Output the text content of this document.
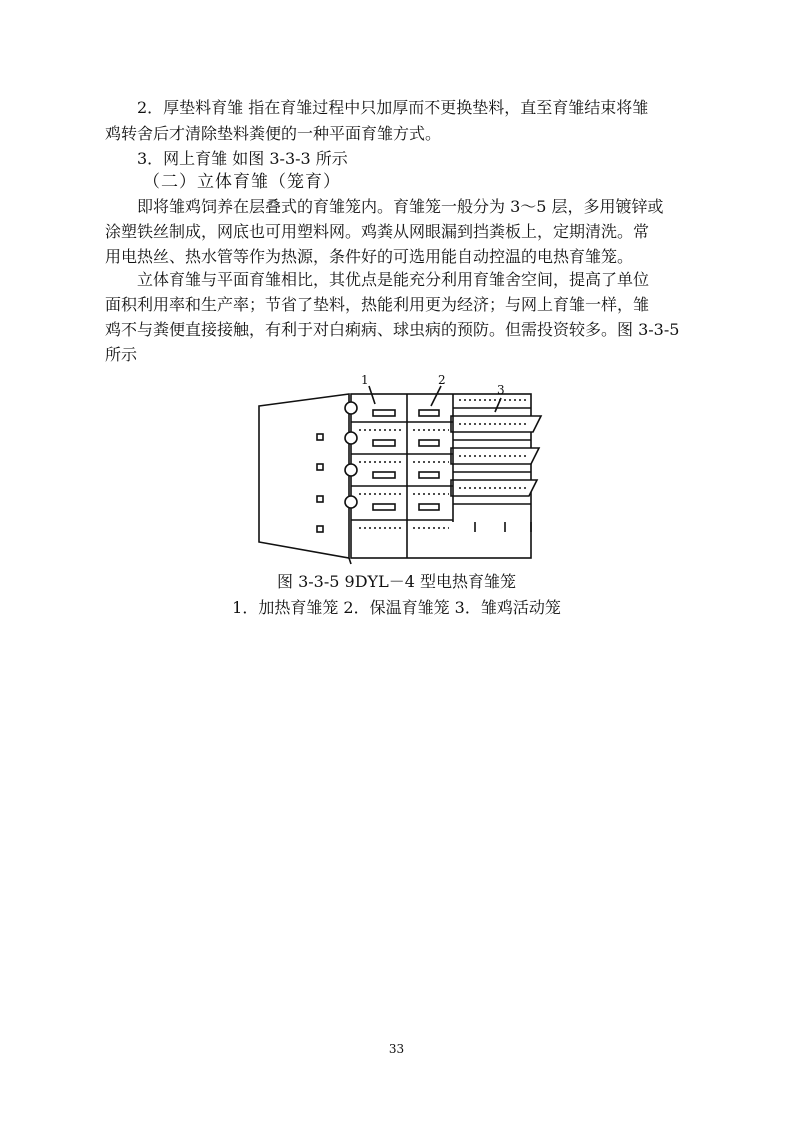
2．厚垫料育雏 指在育雏过程中只加厚而不更换垫料，直至育雏结束将雏
鸡转舍后才清除垫料粪便的一种平面育雏方式。
3．网上育雏 如图 3-3-3 所示
（二）立体育雏（笼育）
即将雏鸡饲养在层叠式的育雏笼内。育雏笼一般分为 3～5 层，多用镀锌或
涂塑铁丝制成，网底也可用塑料网。鸡粪从网眼漏到挡粪板上，定期清洗。常
用电热丝、热水管等作为热源，条件好的可选用能自动控温的电热育雏笼。
立体育雏与平面育雏相比，其优点是能充分利用育雏舍空间，提高了单位
面积利用率和生产率；节省了垫料，热能利用更为经济；与网上育雏一样，雏
鸡不与粪便直接接触，有利于对白痢病、球虫病的预防。但需投资较多。图 3-3-5
所示
1	2
3
图 3-3-5 9DYL－4 型电热育雏笼
1．加热育雏笼 2．保温育雏笼 3．雏鸡活动笼
33
